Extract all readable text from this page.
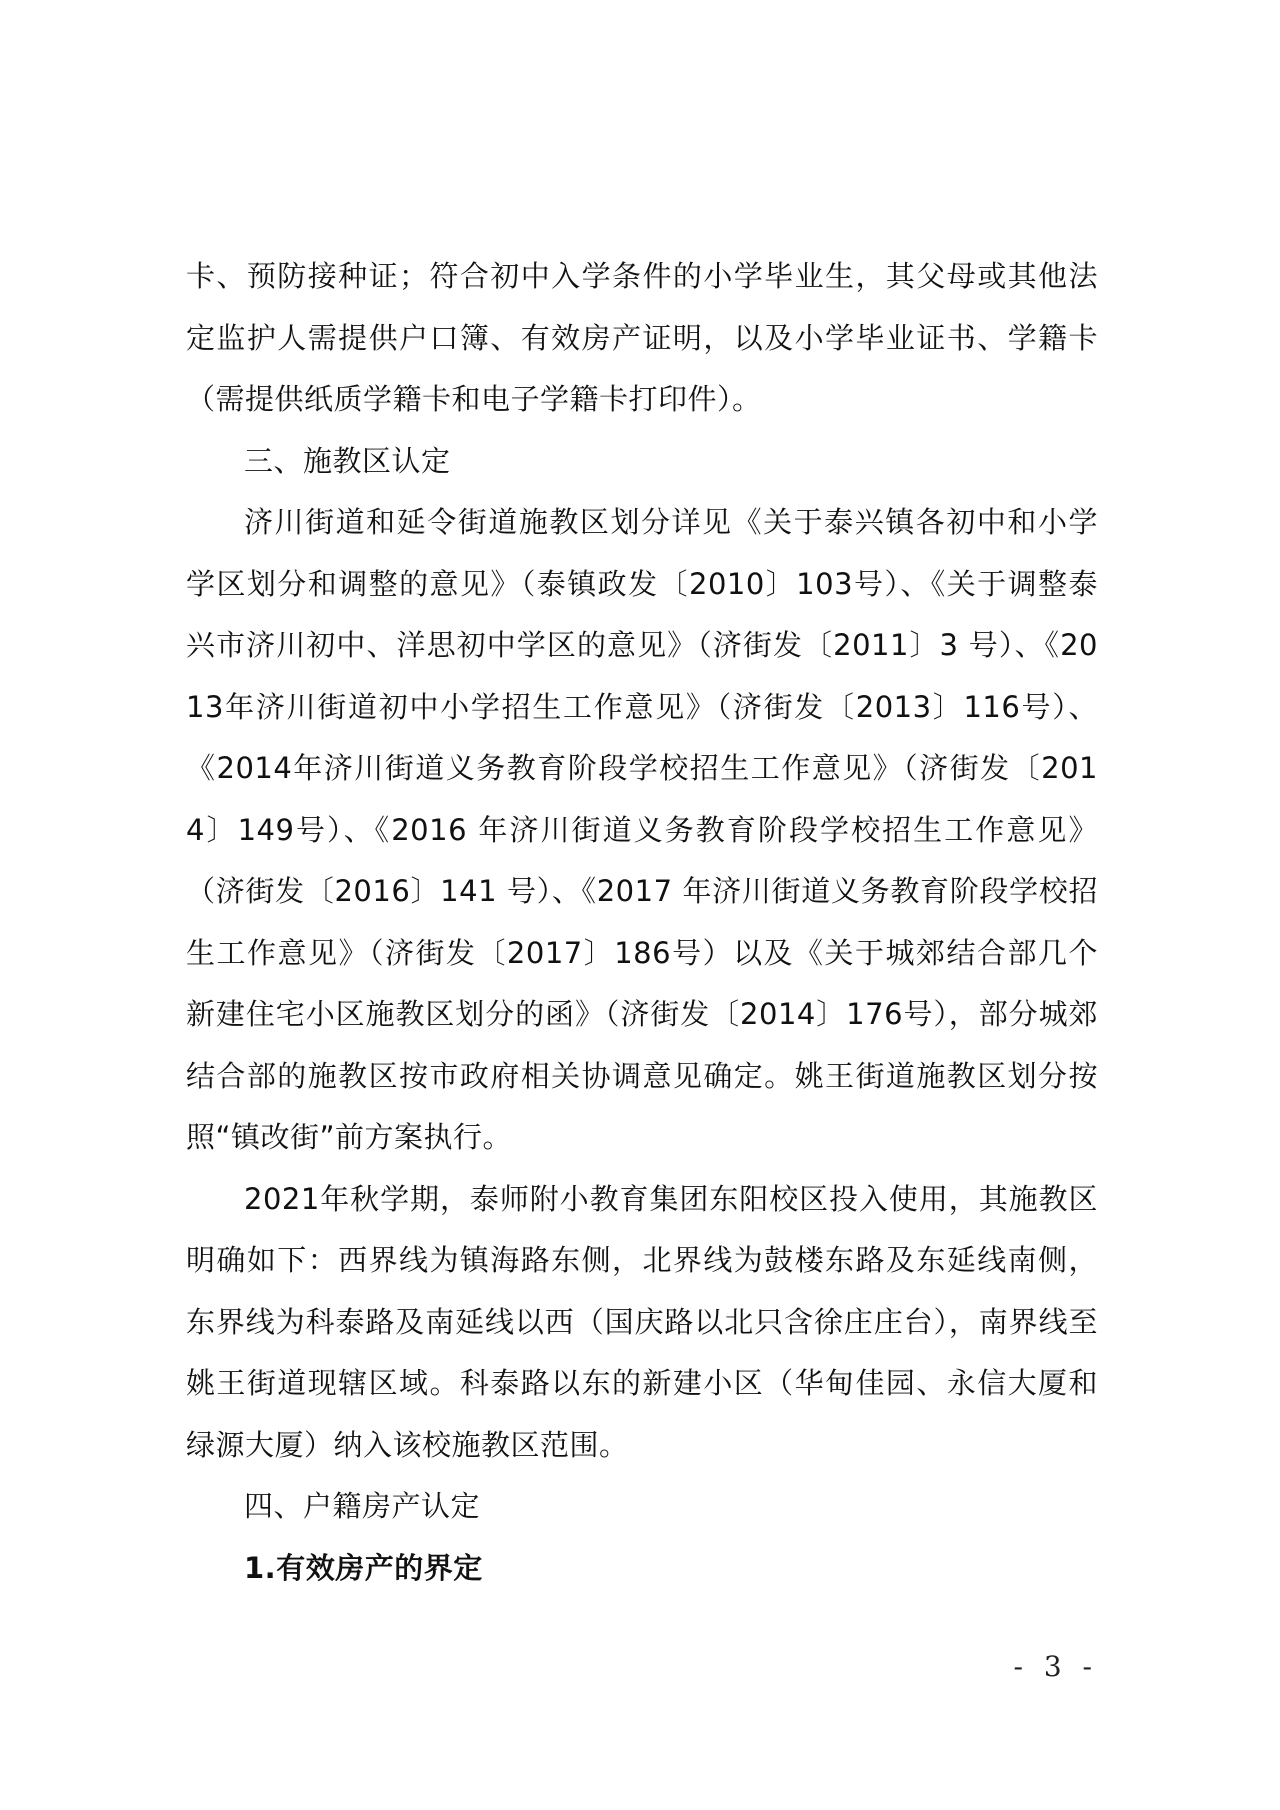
卡、预防接种证；符合初中入学条件的小学毕业生，其父母或其他法定监护人需提供户口簿、有效房产证明，以及小学毕业证书、学籍卡（需提供纸质学籍卡和电子学籍卡打印件）。

三、施教区认定

济川街道和延令街道施教区划分详见《关于泰兴镇各初中和小学学区划分和调整的意见》（泰镇政发〔2010〕103号）、《关于调整泰兴市济川初中、洋思初中学区的意见》（济街发〔2011〕3 号）、《2013年济川街道初中小学招生工作意见》（济街发〔2013〕116号）、《2014年济川街道义务教育阶段学校招生工作意见》（济街发〔2014〕149号）、《2016 年济川街道义务教育阶段学校招生工作意见》（济街发〔2016〕141 号）、《2017 年济川街道义务教育阶段学校招生工作意见》（济街发〔2017〕186号）以及《关于城郊结合部几个新建住宅小区施教区划分的函》（济街发〔2014〕176号），部分城郊结合部的施教区按市政府相关协调意见确定。姚王街道施教区划分按照“镇改街”前方案执行。

2021年秋学期，泰师附小教育集团东阳校区投入使用，其施教区明确如下：西界线为镇海路东侧，北界线为鼓楼东路及东延线南侧，东界线为科泰路及南延线以西（国庆路以北只含徐庄庄台），南界线至姚王街道现辖区域。科泰路以东的新建小区（华甸佳园、永信大厦和绿源大厦）纳入该校施教区范围。

四、户籍房产认定

1.有效房产的界定

- 3 -
